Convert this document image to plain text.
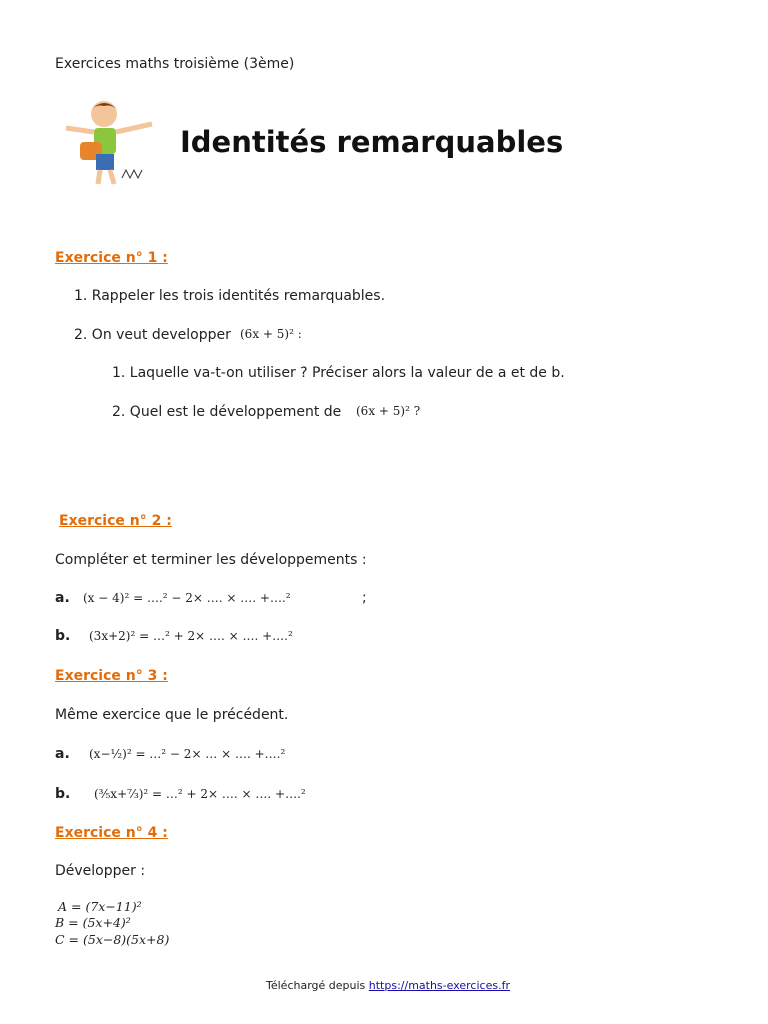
Exercices maths troisième (3ème)
Identités remarquables
Exercice n° 1 :
1. Rappeler les trois identités remarquables.
2. On veut developper (6x + 5)² :
1. Laquelle va-t-on utiliser ? Préciser alors la valeur de a et de b.
2. Quel est le développement de (6x + 5)² ?
Exercice n° 2 :
Compléter et terminer les développements :
a. (x − 4)² = ….² − 2× …. × …. +….²	;
b. (3x+2)² = …² + 2× …. × …. +….²
Exercice n° 3 :
Même exercice que le précédent.
a. (x−½)² = …² − 2× … × …. +….²
b. (³⁄₅x+⁷⁄₃)² = …² + 2× …. × …. +….²
Exercice n° 4 :
Développer :
A = (7x−11)²
B = (5x+4)²
C = (5x−8)(5x+8)
Téléchargé depuis https://maths-exercices.fr
